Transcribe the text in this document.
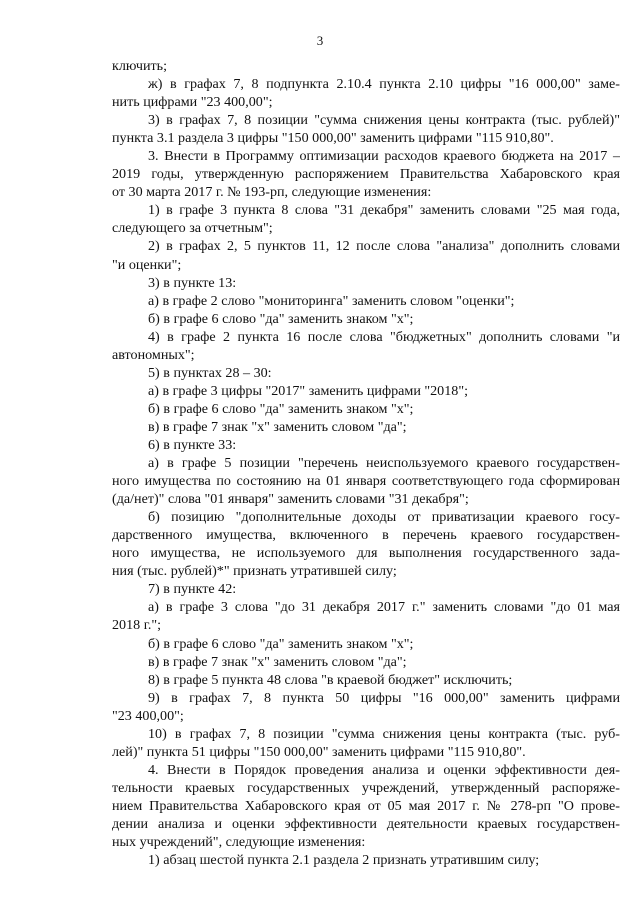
3
ключить;
ж) в графах 7, 8 подпункта 2.10.4 пункта 2.10 цифры "16 000,00" заме-
нить цифрами "23 400,00";
3) в графах 7, 8 позиции "сумма снижения цены контракта (тыс. рублей)"
пункта 3.1 раздела 3 цифры "150 000,00" заменить цифрами "115 910,80".
3. Внести в Программу оптимизации расходов краевого бюджета на 2017 –
2019 годы, утвержденную распоряжением Правительства Хабаровского края
от 30 марта 2017 г. № 193-рп, следующие изменения:
1) в графе 3 пункта 8 слова "31 декабря" заменить словами "25 мая года,
следующего за отчетным";
2) в графах 2, 5 пунктов 11, 12 после слова "анализа" дополнить словами
"и оценки";
3) в пункте 13:
а) в графе 2 слово "мониторинга" заменить словом "оценки";
б) в графе 6 слово "да" заменить знаком "х";
4) в графе 2 пункта 16 после слова "бюджетных" дополнить словами "и
автономных";
5) в пунктах 28 – 30:
а) в графе 3 цифры "2017" заменить цифрами "2018";
б) в графе 6 слово "да" заменить знаком "х";
в) в графе 7 знак "х" заменить словом "да";
6) в пункте 33:
а) в графе 5 позиции "перечень неиспользуемого краевого государствен-
ного имущества по состоянию на 01 января соответствующего года сформирован
(да/нет)" слова "01 января" заменить словами "31 декабря";
б) позицию "дополнительные доходы от приватизации краевого госу-
дарственного имущества, включенного в перечень краевого государствен-
ного имущества, не используемого для выполнения государственного зада-
ния (тыс. рублей)*" признать утратившей силу;
7) в пункте 42:
а) в графе 3 слова "до 31 декабря 2017 г." заменить словами "до 01 мая
2018 г.";
б) в графе 6 слово "да" заменить знаком "х";
в) в графе 7 знак "х" заменить словом "да";
8) в графе 5 пункта 48 слова "в краевой бюджет" исключить;
9) в графах 7, 8 пункта 50 цифры "16 000,00" заменить цифрами
"23 400,00";
10) в графах 7, 8 позиции "сумма снижения цены контракта (тыс. руб-
лей)" пункта 51 цифры "150 000,00" заменить цифрами "115 910,80".
4. Внести в Порядок проведения анализа и оценки эффективности дея-
тельности краевых государственных учреждений, утвержденный распоряже-
нием Правительства Хабаровского края от 05 мая 2017 г. № 278-рп "О прове-
дении анализа и оценки эффективности деятельности краевых государствен-
ных учреждений", следующие изменения:
1) абзац шестой пункта 2.1 раздела 2 признать утратившим силу;
